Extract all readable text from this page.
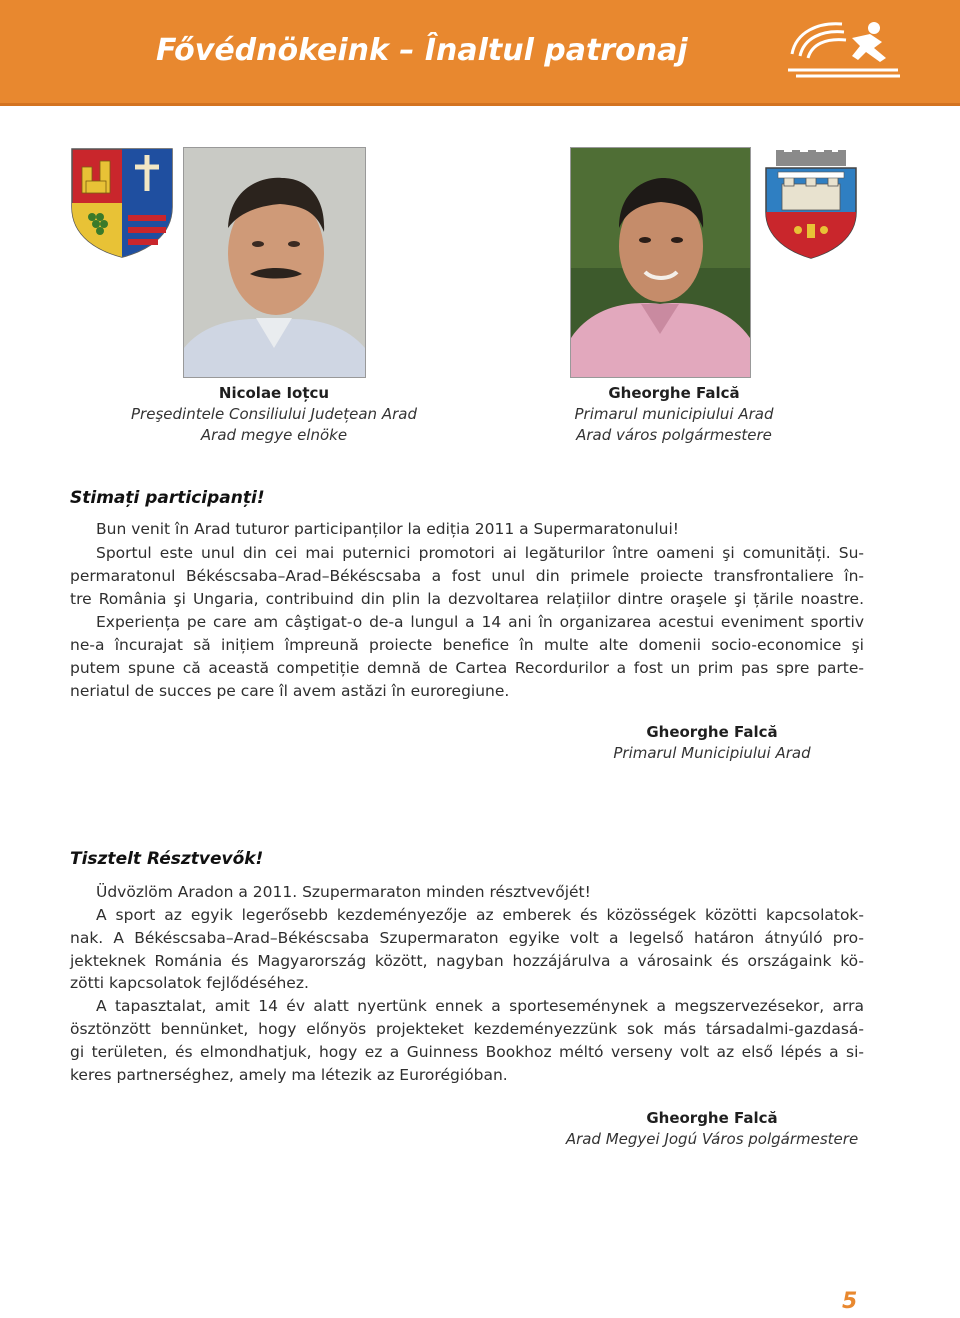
Fővédnökeink – Înaltul patronaj
Nicolae Ioțcu
Preşedintele Consiliului Județean Arad
Arad megye elnöke
Gheorghe Falcă
Primarul municipiului Arad
Arad város polgármestere
Stimați participanți!
Bun venit în Arad tuturor participanților la ediția 2011 a Supermaratonului!
Sportul este unul din cei mai puternici promotori ai legăturilor între oameni şi comunități. Su-
permaratonul Békéscsaba–Arad–Békéscsaba a fost unul din primele proiecte transfrontaliere în-
tre România şi Ungaria, contribuind din plin la dezvoltarea relațiilor dintre oraşele şi țările noastre.
Experiența pe care am câştigat-o de-a lungul a 14 ani în organizarea acestui eveniment sportiv
ne-a încurajat să inițiem împreună proiecte benefice în multe alte domenii socio-economice şi
putem spune că această competiție demnă de Cartea Recordurilor a fost un prim pas spre parte-
neriatul de succes pe care îl avem astăzi în euroregiune.
Gheorghe Falcă
Primarul Municipiului Arad
Tisztelt Résztvevők!
Üdvözlöm Aradon a 2011. Szupermaraton minden résztvevőjét!
A sport az egyik legerősebb kezdeményezője az emberek és közösségek közötti kapcsolatok-
nak. A Békéscsaba–Arad–Békéscsaba Szupermaraton egyike volt a legelső határon átnyúló pro-
jekteknek Románia és Magyarország között, nagyban hozzájárulva a városaink és országaink kö-
zötti kapcsolatok fejlődéséhez.
A tapasztalat, amit 14 év alatt nyertünk ennek a sporteseménynek a megszervezésekor, arra
ösztönzött bennünket, hogy előnyös projekteket kezdeményezzünk sok más társadalmi-gazdasá-
gi területen, és elmondhatjuk, hogy ez a Guinness Bookhoz méltó verseny volt az első lépés a si-
keres partnerséghez, amely ma létezik az Eurorégióban.
Gheorghe Falcă
Arad Megyei Jogú Város polgármestere
5
